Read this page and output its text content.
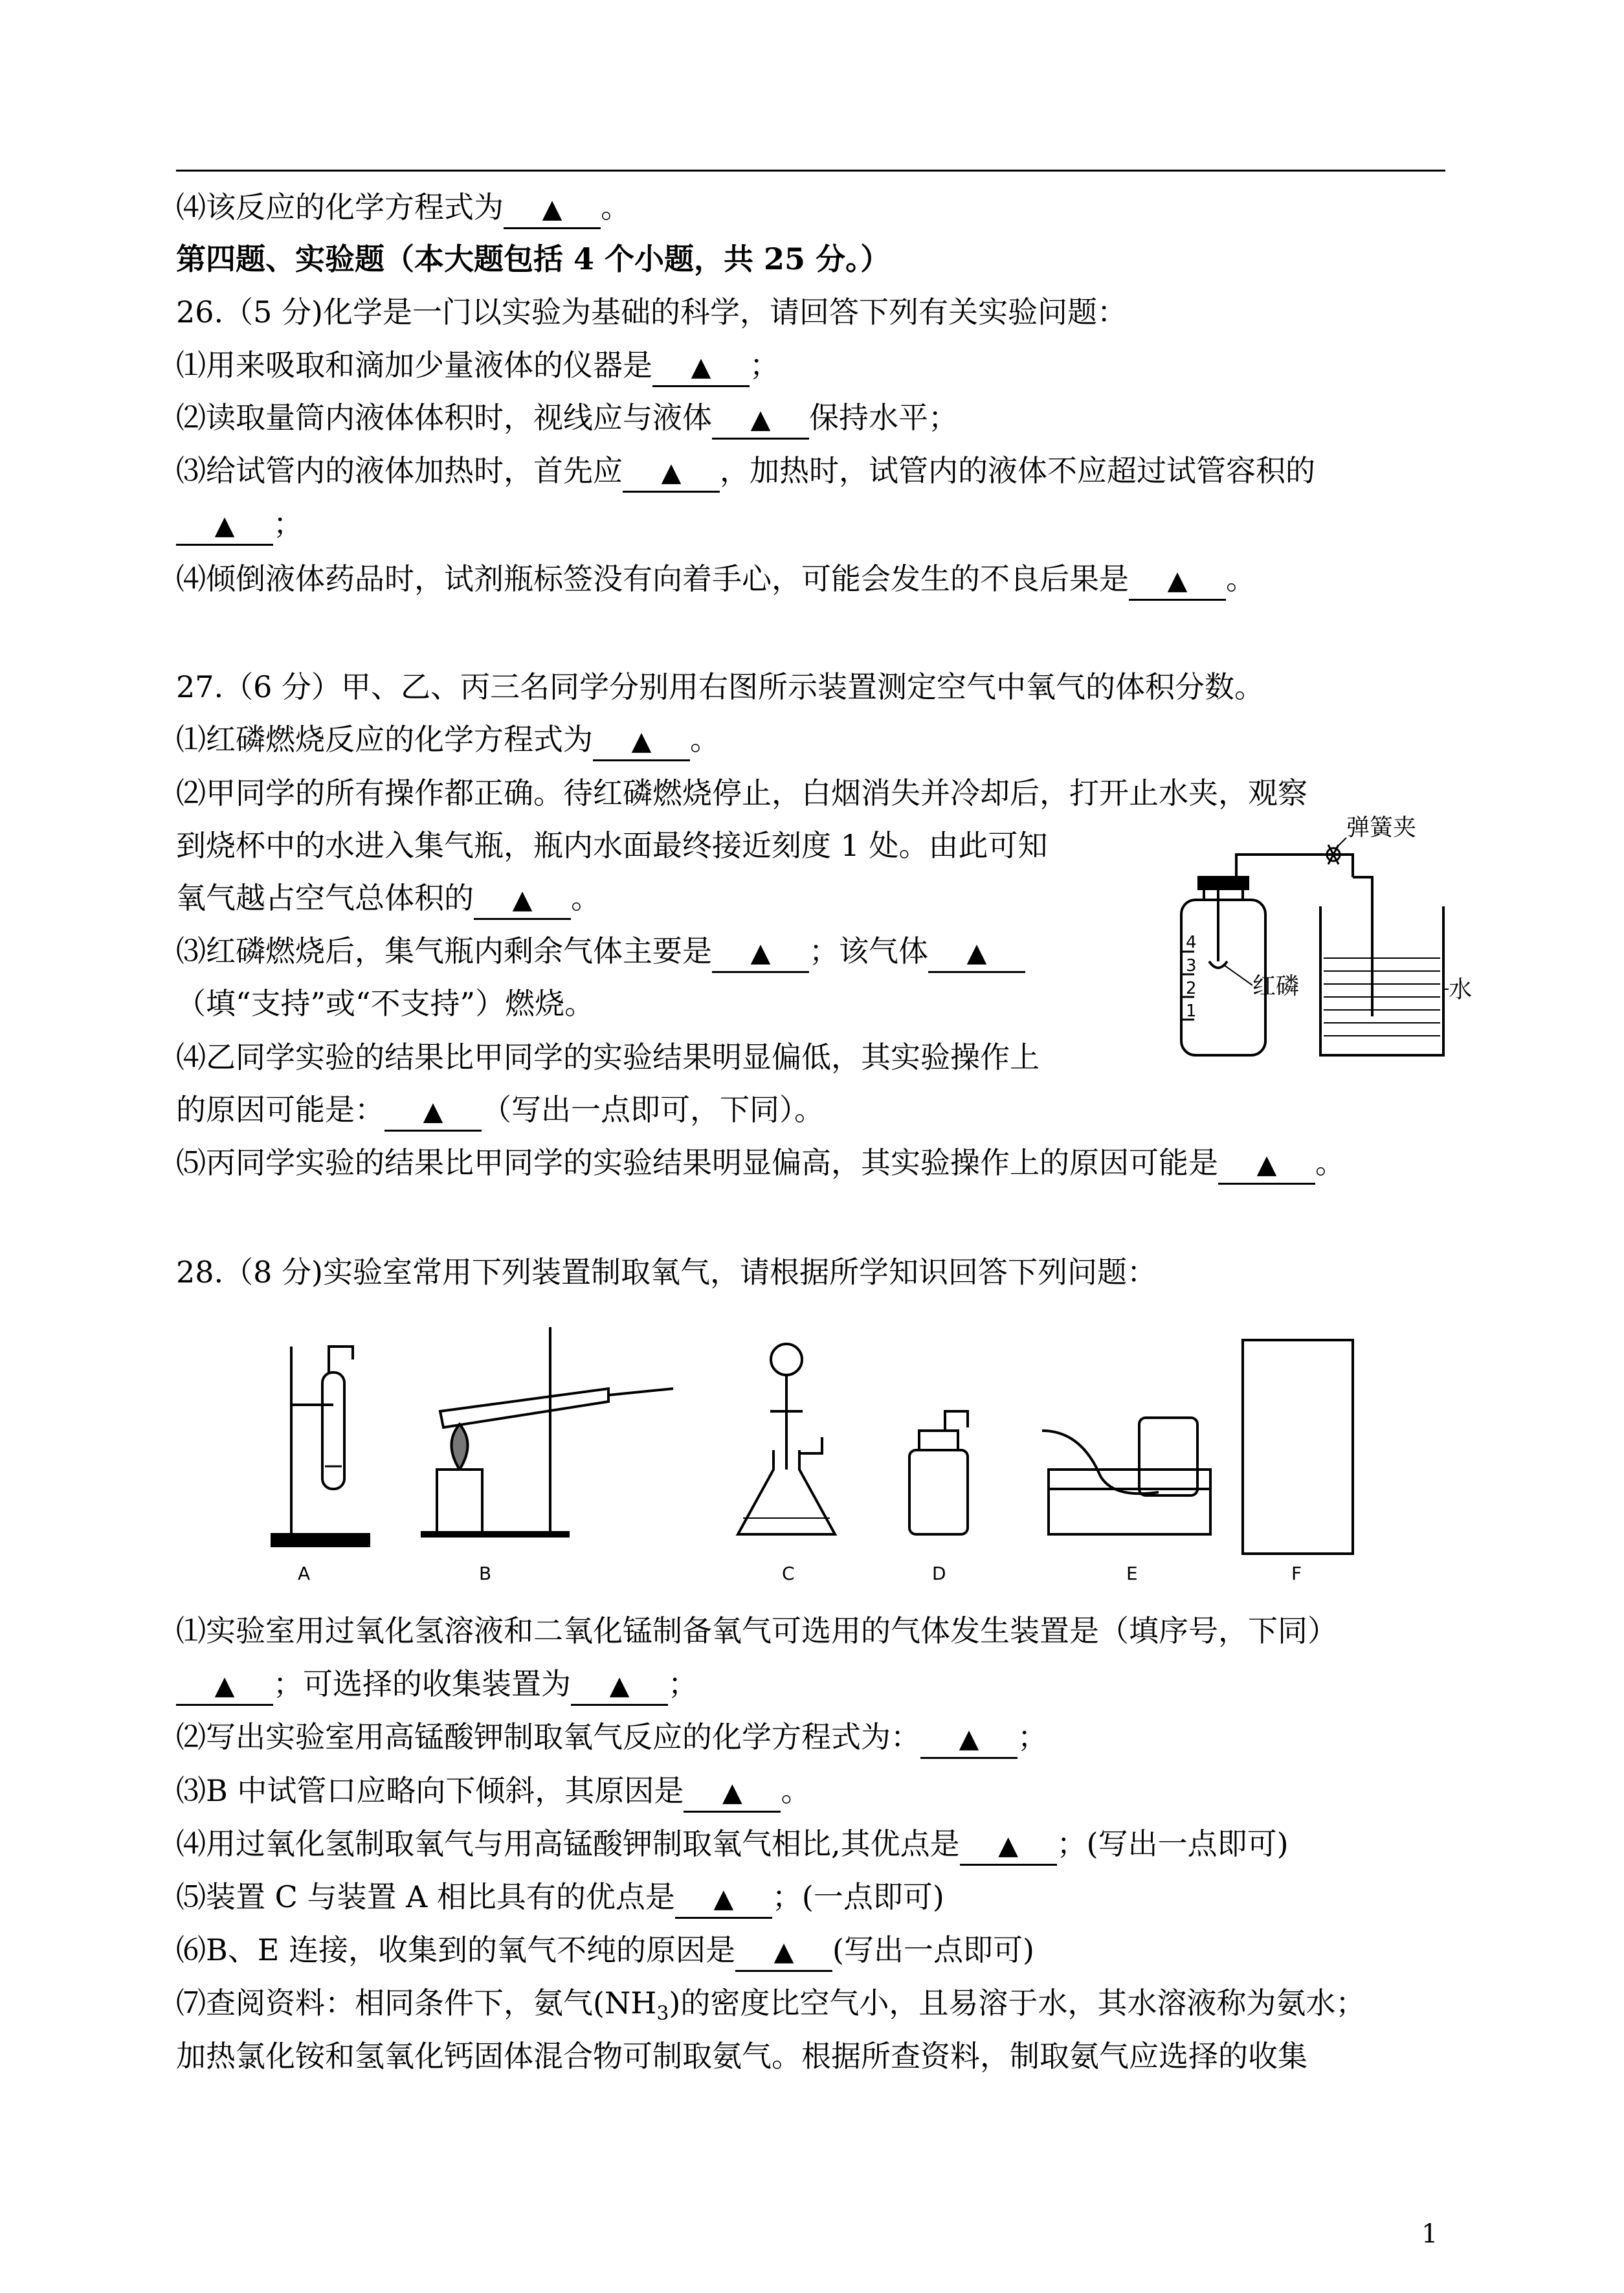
⑷该反应的化学方程式为 ▲ 。
第四题、实验题（本大题包括 4 个小题，共 25 分。）
26.（5 分)化学是一门以实验为基础的科学，请回答下列有关实验问题：
⑴用来吸取和滴加少量液体的仪器是 ▲ ；
⑵读取量筒内液体体积时，视线应与液体 ▲ 保持水平；
⑶给试管内的液体加热时，首先应 ▲ ，加热时，试管内的液体不应超过试管容积的
▲ ；
⑷倾倒液体药品时，试剂瓶标签没有向着手心，可能会发生的不良后果是 ▲ 。
27.（6 分）甲、乙、丙三名同学分别用右图所示装置测定空气中氧气的体积分数。
⑴红磷燃烧反应的化学方程式为 ▲ 。
⑵甲同学的所有操作都正确。待红磷燃烧停止，白烟消失并冷却后，打开止水夹，观察
到烧杯中的水进入集气瓶，瓶内水面最终接近刻度 1 处。由此可知
氧气越占空气总体积的 ▲ 。
⑶红磷燃烧后，集气瓶内剩余气体主要是 ▲ ；该气体 ▲
（填“支持”或“不支持”）燃烧。
⑷乙同学实验的结果比甲同学的实验结果明显偏低，其实验操作上
的原因可能是： ▲ （写出一点即可，下同）。
⑸丙同学实验的结果比甲同学的实验结果明显偏高，其实验操作上的原因可能是 ▲ 。
4
3
2
1
弹簧夹
红磷	水
28.（8 分)实验室常用下列装置制取氧气，请根据所学知识回答下列问题：
A	B	C	D	E	F
⑴实验室用过氧化氢溶液和二氧化锰制备氧气可选用的气体发生装置是（填序号，下同）
▲ ；可选择的收集装置为 ▲ ；
⑵写出实验室用高锰酸钾制取氧气反应的化学方程式为： ▲ ；
⑶B 中试管口应略向下倾斜，其原因是 ▲ 。
⑷用过氧化氢制取氧气与用高锰酸钾制取氧气相比,其优点是 ▲ ；(写出一点即可)
⑸装置 C 与装置 A 相比具有的优点是 ▲ ；(一点即可)
⑹B、E 连接，收集到的氧气不纯的原因是 ▲ (写出一点即可)
⑺查阅资料：相同条件下，氨气$(NH_3)$的密度比空气小，且易溶于水，其水溶液称为氨水；
加热氯化铵和氢氧化钙固体混合物可制取氨气。根据所查资料，制取氨气应选择的收集
1
